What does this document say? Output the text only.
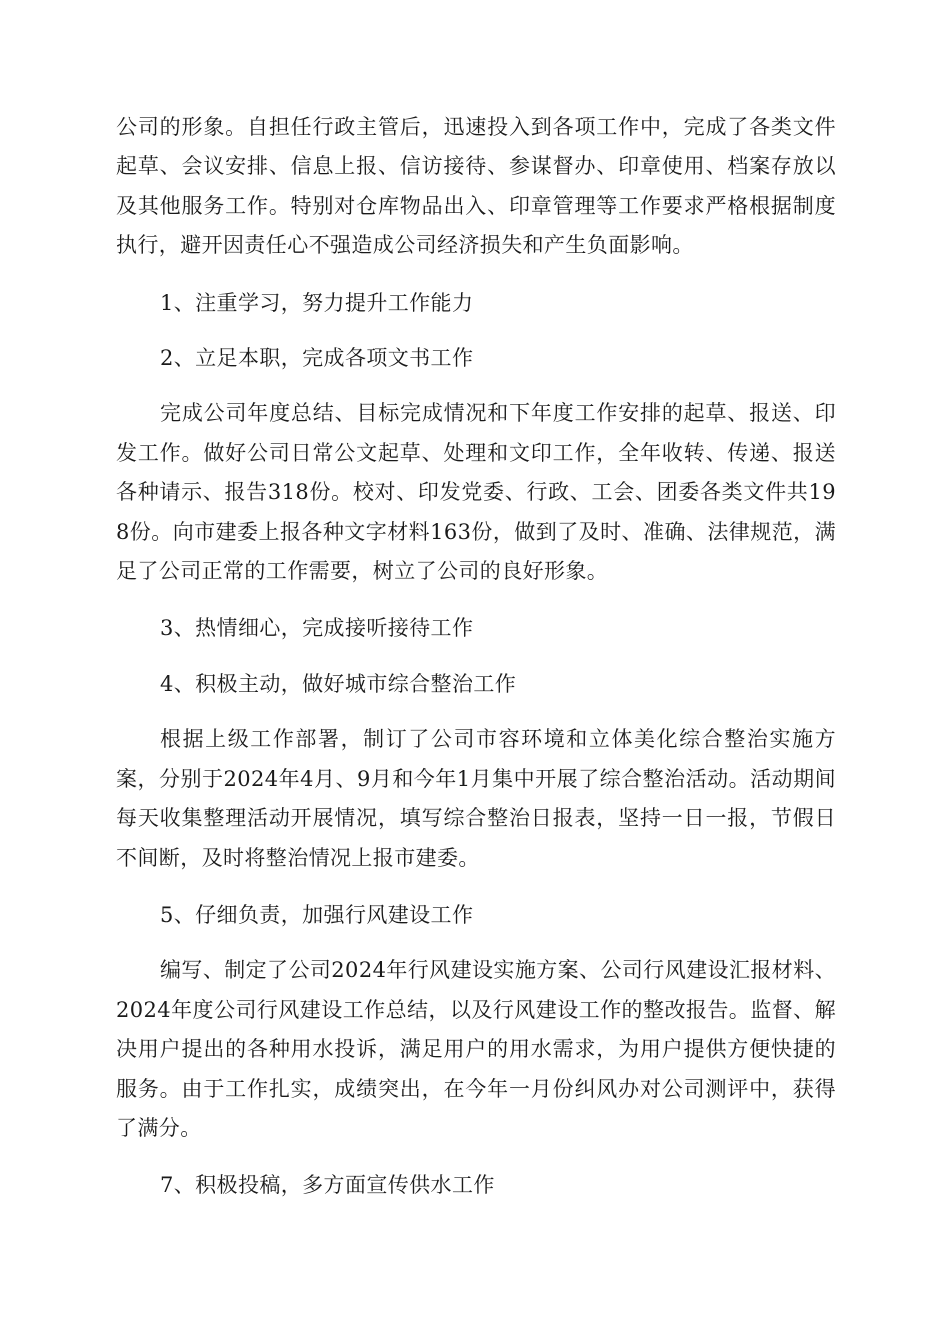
公司的形象。自担任行政主管后，迅速投入到各项工作中，完成了各类文件起草、会议安排、信息上报、信访接待、参谋督办、印章使用、档案存放以及其他服务工作。特别对仓库物品出入、印章管理等工作要求严格根据制度执行，避开因责任心不强造成公司经济损失和产生负面影响。

1、注重学习，努力提升工作能力

2、立足本职，完成各项文书工作

完成公司年度总结、目标完成情况和下年度工作安排的起草、报送、印发工作。做好公司日常公文起草、处理和文印工作，全年收转、传递、报送各种请示、报告318份。校对、印发党委、行政、工会、团委各类文件共198份。向市建委上报各种文字材料163份，做到了及时、准确、法律规范，满足了公司正常的工作需要，树立了公司的良好形象。

3、热情细心，完成接听接待工作

4、积极主动，做好城市综合整治工作

根据上级工作部署，制订了公司市容环境和立体美化综合整治实施方案，分别于2024年4月、9月和今年1月集中开展了综合整治活动。活动期间每天收集整理活动开展情况，填写综合整治日报表，坚持一日一报，节假日不间断，及时将整治情况上报市建委。

5、仔细负责，加强行风建设工作

编写、制定了公司2024年行风建设实施方案、公司行风建设汇报材料、2024年度公司行风建设工作总结，以及行风建设工作的整改报告。监督、解决用户提出的各种用水投诉，满足用户的用水需求，为用户提供方便快捷的服务。由于工作扎实，成绩突出，在今年一月份纠风办对公司测评中，获得了满分。

7、积极投稿，多方面宣传供水工作
